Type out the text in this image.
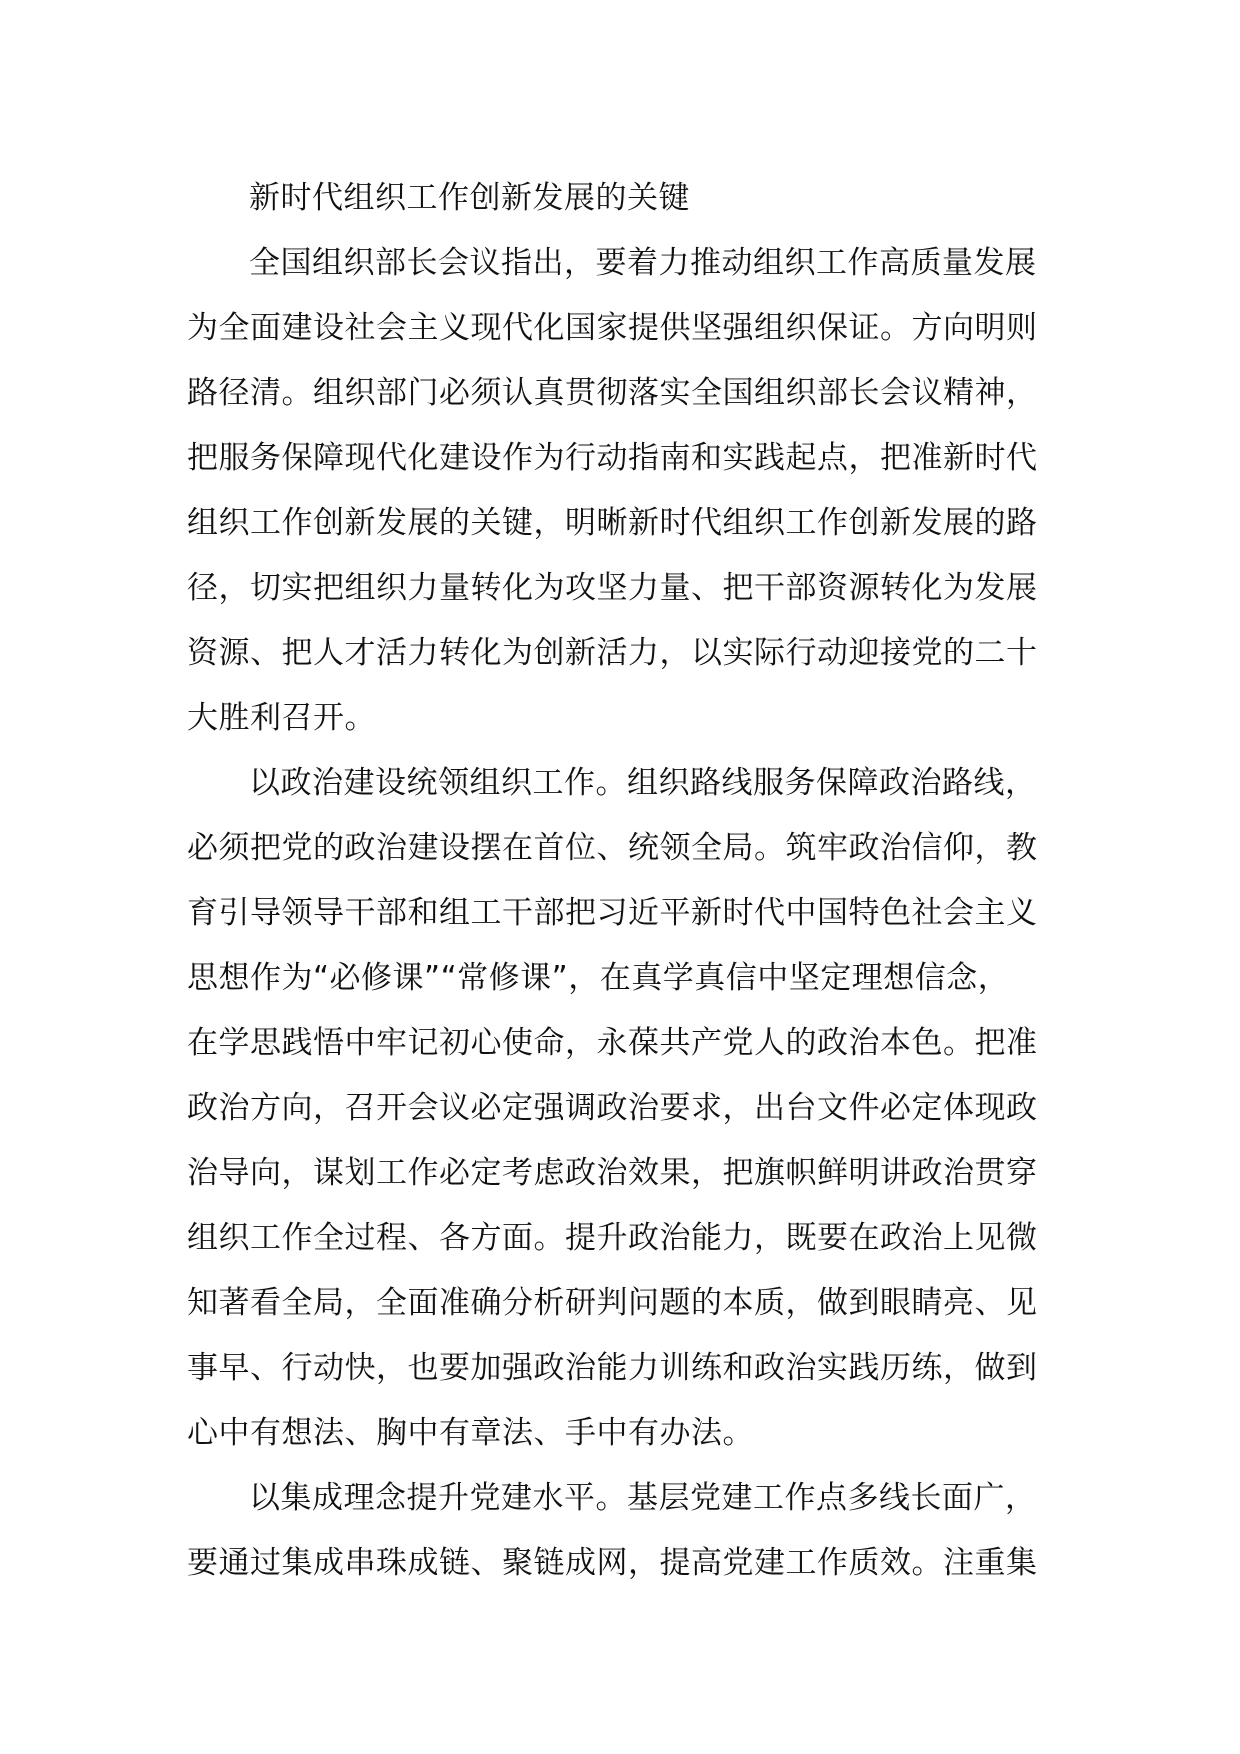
新时代组织工作创新发展的关键
全国组织部长会议指出，要着力推动组织工作高质量发展
为全面建设社会主义现代化国家提供坚强组织保证。方向明则
路径清。组织部门必须认真贯彻落实全国组织部长会议精神，
把服务保障现代化建设作为行动指南和实践起点，把准新时代
组织工作创新发展的关键，明晰新时代组织工作创新发展的路
径，切实把组织力量转化为攻坚力量、把干部资源转化为发展
资源、把人才活力转化为创新活力，以实际行动迎接党的二十
大胜利召开。
以政治建设统领组织工作。组织路线服务保障政治路线，
必须把党的政治建设摆在首位、统领全局。筑牢政治信仰，教
育引导领导干部和组工干部把习近平新时代中国特色社会主义
思想作为“必修课”“常修课”，在真学真信中坚定理想信念，
在学思践悟中牢记初心使命，永葆共产党人的政治本色。把准
政治方向，召开会议必定强调政治要求，出台文件必定体现政
治导向，谋划工作必定考虑政治效果，把旗帜鲜明讲政治贯穿
组织工作全过程、各方面。提升政治能力，既要在政治上见微
知著看全局，全面准确分析研判问题的本质，做到眼睛亮、见
事早、行动快，也要加强政治能力训练和政治实践历练，做到
心中有想法、胸中有章法、手中有办法。
以集成理念提升党建水平。基层党建工作点多线长面广，
要通过集成串珠成链、聚链成网，提高党建工作质效。注重集
